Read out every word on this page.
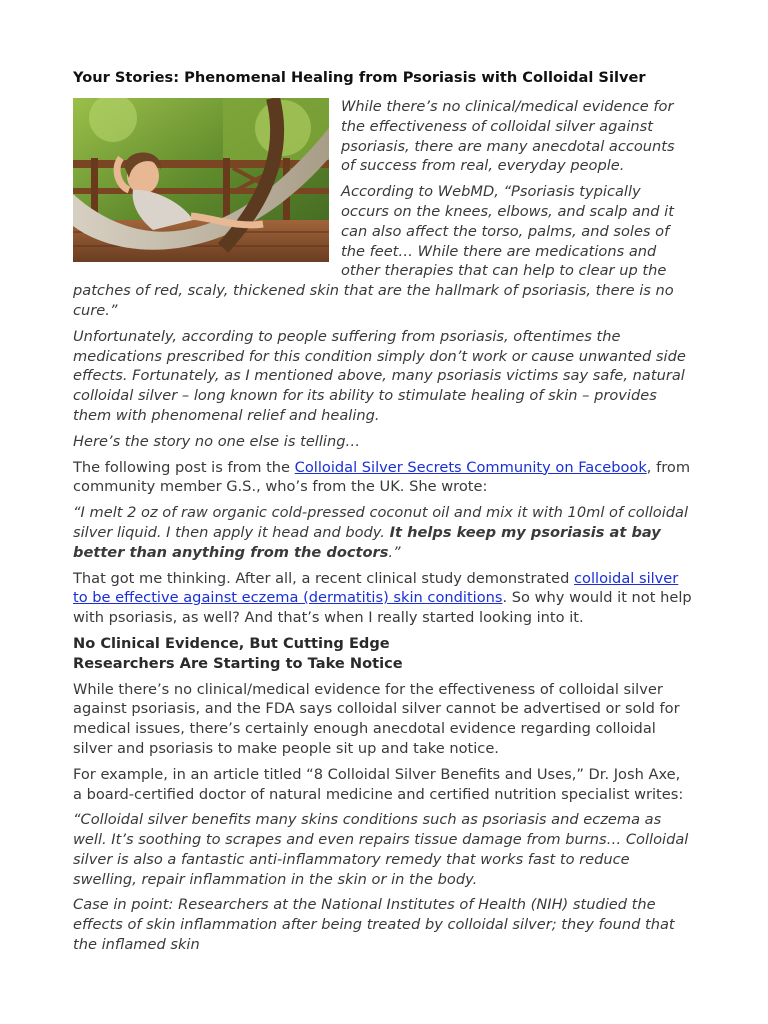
Your Stories: Phenomenal Healing from Psoriasis with Colloidal Silver

While there’s no clinical/medical evidence for the effectiveness of colloidal silver against psoriasis, there are many anecdotal accounts of success from real, everyday people.

According to WebMD, “Psoriasis typically occurs on the knees, elbows, and scalp and it can also affect the torso, palms, and soles of the feet… While there are medications and other therapies that can help to clear up the patches of red, scaly, thickened skin that are the hallmark of psoriasis, there is no cure.”

Unfortunately, according to people suffering from psoriasis, oftentimes the medications prescribed for this condition simply don’t work or cause unwanted side effects. Fortunately, as I mentioned above, many psoriasis victims say safe, natural colloidal silver – long known for its ability to stimulate healing of skin – provides them with phenomenal relief and healing.

Here’s the story no one else is telling…

The following post is from the Colloidal Silver Secrets Community on Facebook, from community member G.S., who’s from the UK. She wrote:

“I melt 2 oz of raw organic cold-pressed coconut oil and mix it with 10ml of colloidal silver liquid. I then apply it head and body. It helps keep my psoriasis at bay better than anything from the doctors.”

That got me thinking. After all, a recent clinical study demonstrated colloidal silver to be effective against eczema (dermatitis) skin conditions. So why would it not help with psoriasis, as well? And that’s when I really started looking into it.

No Clinical Evidence, But Cutting Edge
Researchers Are Starting to Take Notice

While there’s no clinical/medical evidence for the effectiveness of colloidal silver against psoriasis, and the FDA says colloidal silver cannot be advertised or sold for medical issues, there’s certainly enough anecdotal evidence regarding colloidal silver and psoriasis to make people sit up and take notice.

For example, in an article titled “8 Colloidal Silver Benefits and Uses,” Dr. Josh Axe, a board-certified doctor of natural medicine and certified nutrition specialist writes:

“Colloidal silver benefits many skins conditions such as psoriasis and eczema as well. It’s soothing to scrapes and even repairs tissue damage from burns… Colloidal silver is also a fantastic anti-inflammatory remedy that works fast to reduce swelling, repair inflammation in the skin or in the body.

Case in point: Researchers at the National Institutes of Health (NIH) studied the effects of skin inflammation after being treated by colloidal silver; they found that the inflamed skin
